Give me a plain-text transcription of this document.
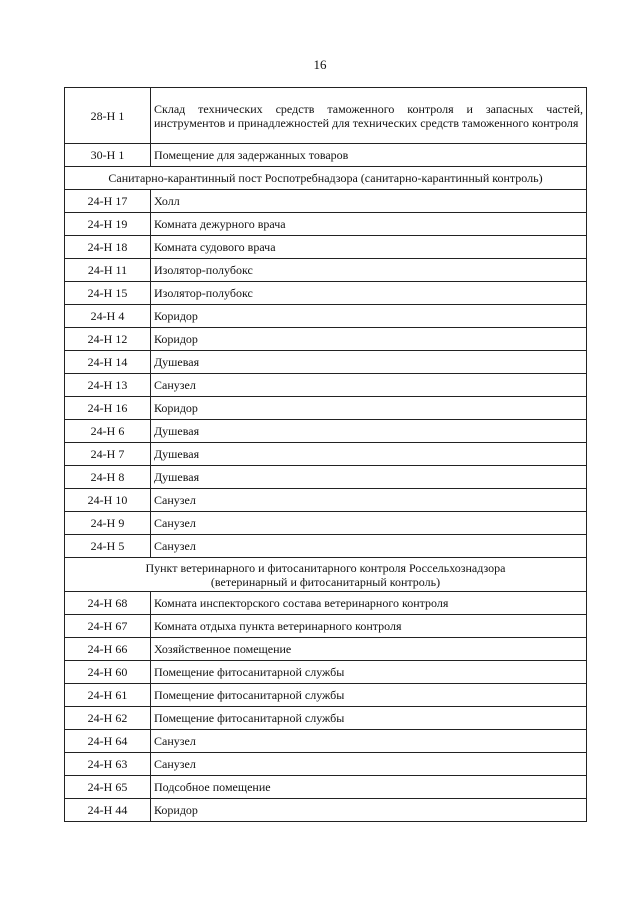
16
28-Н 1	Склад технических средств таможенного контроля и запасных частей, инструментов и принадлежностей для технических средств таможенного контроля
30-Н 1	Помещение для задержанных товаров
Санитарно-карантинный пост Роспотребнадзора (санитарно-карантинный контроль)	
24-Н 17	Холл
24-Н 19	Комната дежурного врача
24-Н 18	Комната судового врача
24-Н 11	Изолятор-полубокс
24-Н 15	Изолятор-полубокс
24-Н 4	Коридор
24-Н 12	Коридор
24-Н 14	Душевая
24-Н 13	Санузел
24-Н 16	Коридор
24-Н 6	Душевая
24-Н 7	Душевая
24-Н 8	Душевая
24-Н 10	Санузел
24-Н 9	Санузел
24-Н 5	Санузел

Пункт ветеринарного и фитосанитарного контроля Россельхознадзора
(ветеринарный и фитосанитарный контроль)	

24-Н 68	Комната инспекторского состава ветеринарного контроля
24-Н 67	Комната отдыха пункта ветеринарного контроля
24-Н 66	Хозяйственное помещение
24-Н 60	Помещение фитосанитарной службы
24-Н 61	Помещение фитосанитарной службы
24-Н 62	Помещение фитосанитарной службы
24-Н 64	Санузел
24-Н 63	Санузел
24-Н 65	Подсобное помещение
24-Н 44	Коридор
